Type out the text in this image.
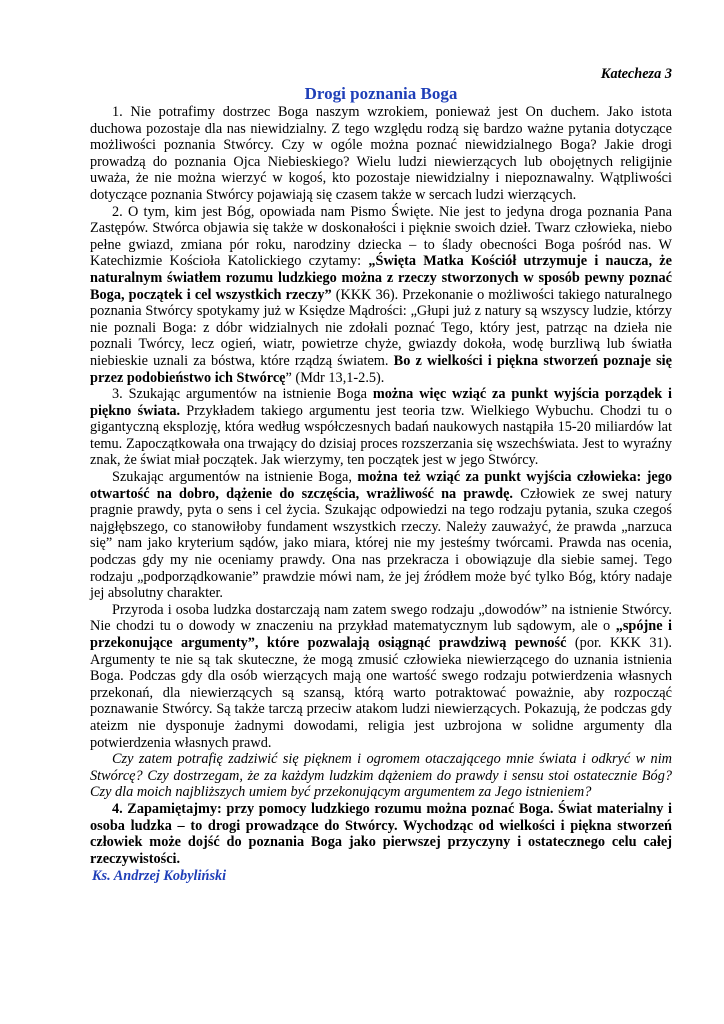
Katecheza 3
Drogi poznania Boga

1. Nie potrafimy dostrzec Boga naszym wzrokiem, ponieważ jest On duchem. Jako istota duchowa pozostaje dla nas niewidzialny. Z tego względu rodzą się bardzo ważne pytania dotyczące możliwości poznania Stwórcy. Czy w ogóle można poznać niewidzialnego Boga? Jakie drogi prowadzą do poznania Ojca Niebieskiego? Wielu ludzi niewierzących lub obojętnych religijnie uważa, że nie można wierzyć w kogoś, kto pozostaje niewidzialny i niepoznawalny. Wątpliwości dotyczące poznania Stwórcy pojawiają się czasem także w sercach ludzi wierzących.

2. O tym, kim jest Bóg, opowiada nam Pismo Święte. Nie jest to jedyna droga poznania Pana Zastępów. Stwórca objawia się także w doskonałości i pięknie swoich dzieł. Twarz człowieka, niebo pełne gwiazd, zmiana pór roku, narodziny dziecka – to ślady obecności Boga pośród nas. W Katechizmie Kościoła Katolickiego czytamy: „Święta Matka Kościół utrzymuje i naucza, że naturalnym światłem rozumu ludzkiego można z rzeczy stworzonych w sposób pewny poznać Boga, początek i cel wszystkich rzeczy” (KKK 36). Przekonanie o możliwości takiego naturalnego poznania Stwórcy spotykamy już w Księdze Mądrości: „Głupi już z natury są wszyscy ludzie, którzy nie poznali Boga: z dóbr widzialnych nie zdołali poznać Tego, który jest, patrząc na dzieła nie poznali Twórcy, lecz ogień, wiatr, powietrze chyże, gwiazdy dokoła, wodę burzliwą lub światła niebieskie uznali za bóstwa, które rządzą światem. Bo z wielkości i piękna stworzeń poznaje się przez podobieństwo ich Stwórcę” (Mdr 13,1-2.5).

3. Szukając argumentów na istnienie Boga można więc wziąć za punkt wyjścia porządek i piękno świata. Przykładem takiego argumentu jest teoria tzw. Wielkiego Wybuchu. Chodzi tu o gigantyczną eksplozję, która według współczesnych badań naukowych nastąpiła 15-20 miliardów lat temu. Zapoczątkowała ona trwający do dzisiaj proces rozszerzania się wszechświata. Jest to wyraźny znak, że świat miał początek. Jak wierzymy, ten początek jest w jego Stwórcy.

Szukając argumentów na istnienie Boga, można też wziąć za punkt wyjścia człowieka: jego otwartość na dobro, dążenie do szczęścia, wrażliwość na prawdę. Człowiek ze swej natury pragnie prawdy, pyta o sens i cel życia. Szukając odpowiedzi na tego rodzaju pytania, szuka czegoś najgłębszego, co stanowiłoby fundament wszystkich rzeczy. Należy zauważyć, że prawda „narzuca się” nam jako kryterium sądów, jako miara, której nie my jesteśmy twórcami. Prawda nas ocenia, podczas gdy my nie oceniamy prawdy. Ona nas przekracza i obowiązuje dla siebie samej. Tego rodzaju „podporządkowanie” prawdzie mówi nam, że jej źródłem może być tylko Bóg, który nadaje jej absolutny charakter.

Przyroda i osoba ludzka dostarczają nam zatem swego rodzaju „dowodów” na istnienie Stwórcy. Nie chodzi tu o dowody w znaczeniu na przykład matematycznym lub sądowym, ale o „spójne i przekonujące argumenty”, które pozwalają osiągnąć prawdziwą pewność (por. KKK 31). Argumenty te nie są tak skuteczne, że mogą zmusić człowieka niewierzącego do uznania istnienia Boga. Podczas gdy dla osób wierzących mają one wartość swego rodzaju potwierdzenia własnych przekonań, dla niewierzących są szansą, którą warto potraktować poważnie, aby rozpocząć poznawanie Stwórcy. Są także tarczą przeciw atakom ludzi niewierzących. Pokazują, że podczas gdy ateizm nie dysponuje żadnymi dowodami, religia jest uzbrojona w solidne argumenty dla potwierdzenia własnych prawd.

Czy zatem potrafię zadziwić się pięknem i ogromem otaczającego mnie świata i odkryć w nim Stwórcę? Czy dostrzegam, że za każdym ludzkim dążeniem do prawdy i sensu stoi ostatecznie Bóg? Czy dla moich najbliższych umiem być przekonującym argumentem za Jego istnieniem?

4. Zapamiętajmy: przy pomocy ludzkiego rozumu można poznać Boga. Świat materialny i osoba ludzka – to drogi prowadzące do Stwórcy. Wychodząc od wielkości i piękna stworzeń człowiek może dojść do poznania Boga jako pierwszej przyczyny i ostatecznego celu całej rzeczywistości.

Ks. Andrzej Kobyliński
